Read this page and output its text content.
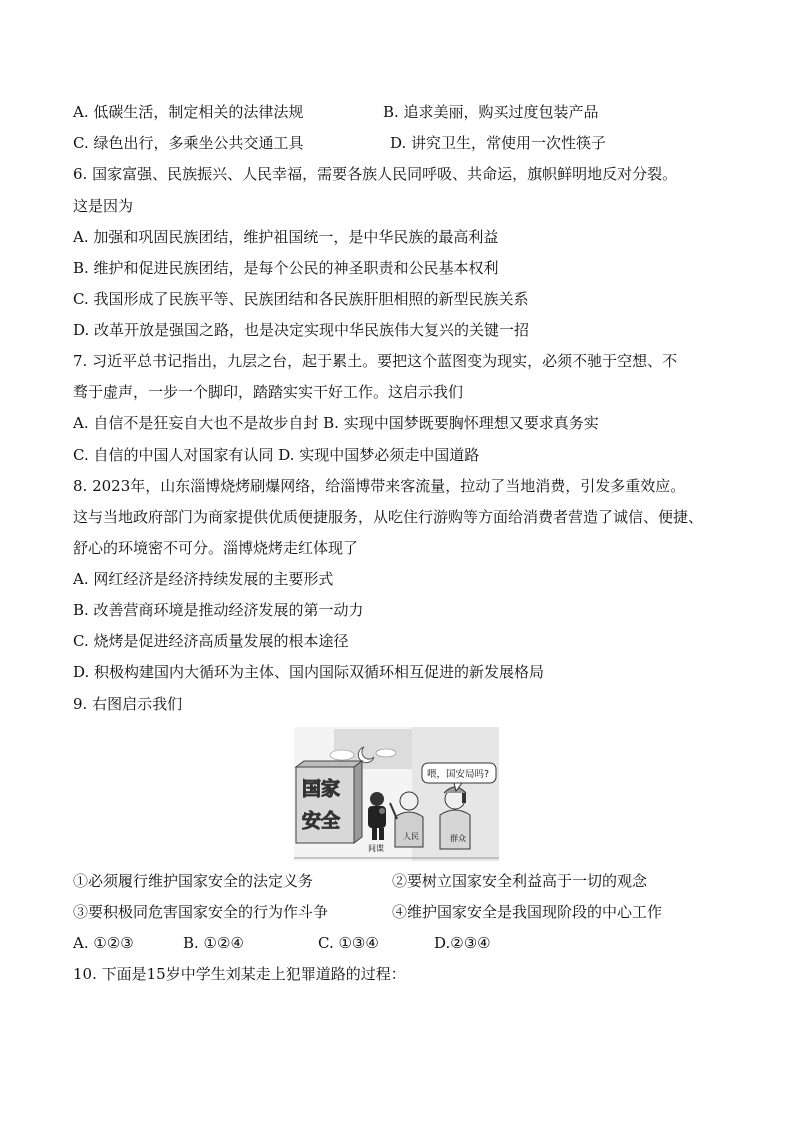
A. 低碳生活，制定相关的法律法规	B. 追求美丽，购买过度包装产品
C. 绿色出行，多乘坐公共交通工具	D. 讲究卫生，常使用一次性筷子
6. 国家富强、民族振兴、人民幸福，需要各族人民同呼吸、共命运，旗帜鲜明地反对分裂。
这是因为
A. 加强和巩固民族团结，维护祖国统一，是中华民族的最高利益
B. 维护和促进民族团结，是每个公民的神圣职责和公民基本权利
C. 我国形成了民族平等、民族团结和各民族肝胆相照的新型民族关系
D. 改革开放是强国之路，也是决定实现中华民族伟大复兴的关键一招
7. 习近平总书记指出，九层之台，起于累土。要把这个蓝图变为现实，必须不驰于空想、不
骛于虚声，一步一个脚印，踏踏实实干好工作。这启示我们
A. 自信不是狂妄自大也不是故步自封 B. 实现中国梦既要胸怀理想又要求真务实
C. 自信的中国人对国家有认同 D. 实现中国梦必须走中国道路
8. 2023年，山东淄博烧烤刷爆网络，给淄博带来客流量，拉动了当地消费，引发多重效应。
这与当地政府部门为商家提供优质便捷服务，从吃住行游购等方面给消费者营造了诚信、便捷、
舒心的环境密不可分。淄博烧烤走红体现了
A. 网红经济是经济持续发展的主要形式
B. 改善营商环境是推动经济发展的第一动力
C. 烧烤是促进经济高质量发展的根本途径
D. 积极构建国内大循环为主体、国内国际双循环相互促进的新发展格局
9. 右图启示我们
国家
安全
间谍
人民	群众
喂，国安局吗?
①必须履行维护国家安全的法定义务	②要树立国家安全利益高于一切的观念
③要积极同危害国家安全的行为作斗争	④维护国家安全是我国现阶段的中心工作
A. ①②③	B. ①②④	C. ①③④	D.②③④
10. 下面是15岁中学生刘某走上犯罪道路的过程：
